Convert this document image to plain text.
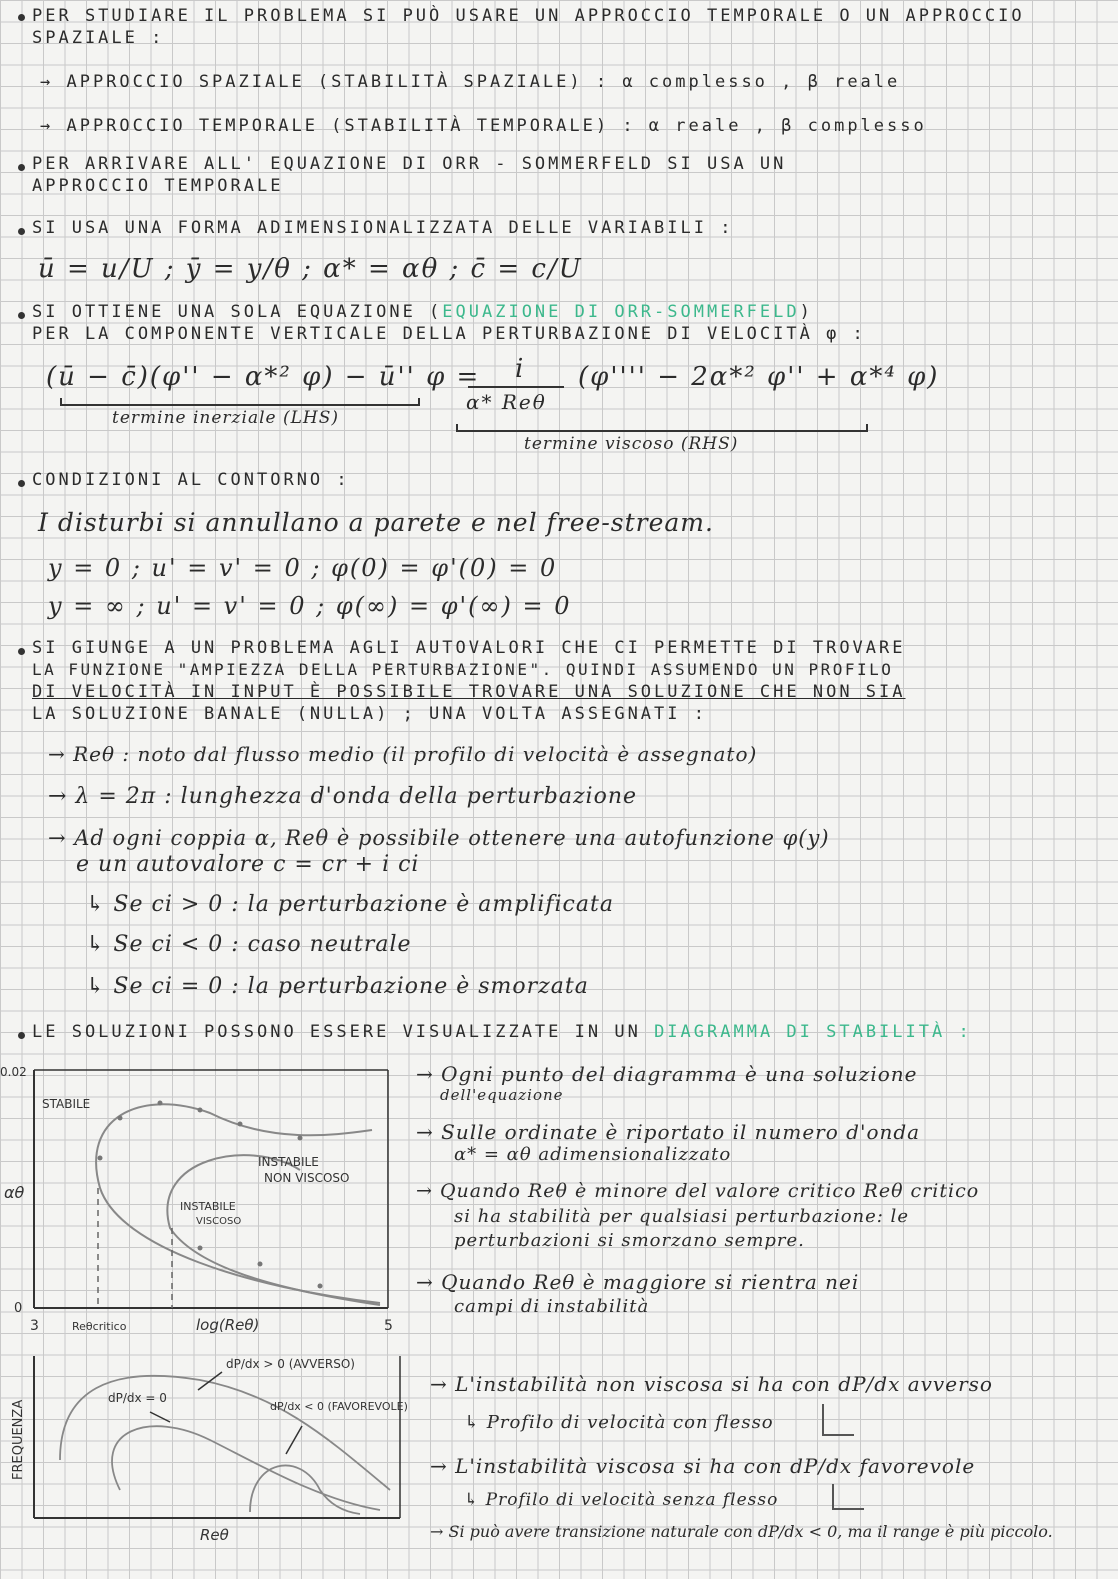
PER STUDIARE IL PROBLEMA SI PUÒ USARE UN APPROCCIO TEMPORALE O UN APPROCCIO
SPAZIALE :
→ APPROCCIO SPAZIALE (STABILITÀ SPAZIALE) : α complesso , β reale
→ APPROCCIO TEMPORALE (STABILITÀ TEMPORALE) : α reale , β complesso
PER ARRIVARE ALL' EQUAZIONE DI ORR - SOMMERFELD SI USA UN
APPROCCIO TEMPORALE
SI USA UNA FORMA ADIMENSIONALIZZATA DELLE VARIABILI :
ū = u/U ; ȳ = y/θ ; α* = αθ ; c̄ = c/U
SI OTTIENE UNA SOLA EQUAZIONE (EQUAZIONE DI ORR-SOMMERFELD)
PER LA COMPONENTE VERTICALE DELLA PERTURBAZIONE DI VELOCITÀ φ :
(ū − c̄)(φ'' − α*² φ) − ū'' φ = i
α* Reθ
(φ'''' − 2α*² φ'' + α*⁴ φ)
termine inerziale (LHS)
termine viscoso (RHS)
CONDIZIONI AL CONTORNO :
I disturbi si annullano a parete e nel free-stream.
y = 0 ; u' = v' = 0 ; φ(0) = φ'(0) = 0
y = ∞ ; u' = v' = 0 ; φ(∞) = φ'(∞) = 0
SI GIUNGE A UN PROBLEMA AGLI AUTOVALORI CHE CI PERMETTE DI TROVARE
LA FUNZIONE "AMPIEZZA DELLA PERTURBAZIONE". QUINDI ASSUMENDO UN PROFILO
DI VELOCITÀ IN INPUT È POSSIBILE TROVARE UNA SOLUZIONE CHE NON SIA
LA SOLUZIONE BANALE (NULLA) ; UNA VOLTA ASSEGNATI :
→ Reθ : noto dal flusso medio (il profilo di velocità è assegnato)
→ λ = 2π : lunghezza d'onda della perturbazione
→ Ad ogni coppia α, Reθ è possibile ottenere una autofunzione φ(y)
e un autovalore c = cr + i ci
↳ Se ci > 0 : la perturbazione è amplificata
↳ Se ci < 0 : caso neutrale
↳ Se ci = 0 : la perturbazione è smorzata
LE SOLUZIONI POSSONO ESSERE VISUALIZZATE IN UN DIAGRAMMA DI STABILITÀ :
0.02
0
αθ
3	Reθcritico	log(Reθ)	5
STABILE
INSTABILE
NON VISCOSO
INSTABILE
VISCOSO
→ Ogni punto del diagramma è una soluzione
dell'equazione
→ Sulle ordinate è riportato il numero d'onda
α* = αθ adimensionalizzato
→ Quando Reθ è minore del valore critico Reθ critico
si ha stabilità per qualsiasi perturbazione: le
perturbazioni si smorzano sempre.
→ Quando Reθ è maggiore si rientra nei
campi di instabilità
FREQUENZA
Reθ
dP/dx > 0 (AVVERSO)
dP/dx = 0
dP/dx < 0 (FAVOREVOLE)
→ L'instabilità non viscosa si ha con dP/dx avverso
↳ Profilo di velocità con flesso
→ L'instabilità viscosa si ha con dP/dx favorevole
↳ Profilo di velocità senza flesso
→ Si può avere transizione naturale con dP/dx < 0, ma il range è più piccolo.
